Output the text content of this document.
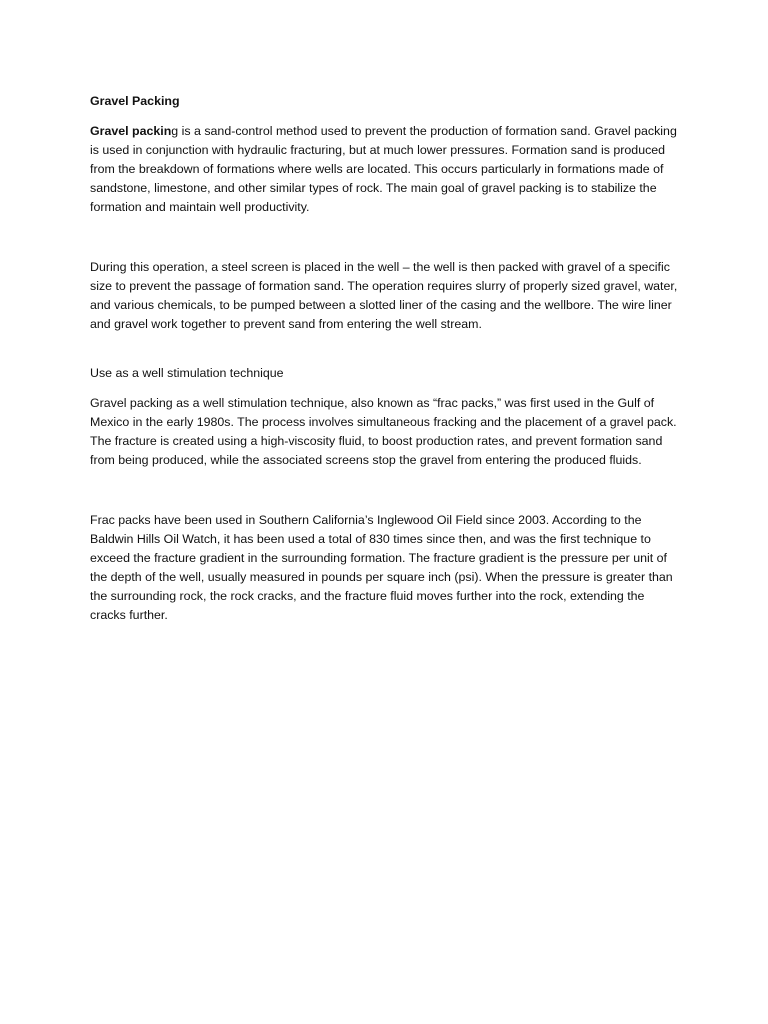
Gravel Packing

Gravel packing is a sand-control method used to prevent the production of formation sand. Gravel packing is used in conjunction with hydraulic fracturing, but at much lower pressures. Formation sand is produced from the breakdown of formations where wells are located. This occurs particularly in formations made of sandstone, limestone, and other similar types of rock. The main goal of gravel packing is to stabilize the formation and maintain well productivity.

During this operation, a steel screen is placed in the well – the well is then packed with gravel of a specific size to prevent the passage of formation sand. The operation requires slurry of properly sized gravel, water, and various chemicals, to be pumped between a slotted liner of the casing and the wellbore. The wire liner and gravel work together to prevent sand from entering the well stream.

Use as a well stimulation technique

Gravel packing as a well stimulation technique, also known as “frac packs,” was first used in the Gulf of Mexico in the early 1980s. The process involves simultaneous fracking and the placement of a gravel pack. The fracture is created using a high-viscosity fluid, to boost production rates, and prevent formation sand from being produced, while the associated screens stop the gravel from entering the produced fluids.

Frac packs have been used in Southern California’s Inglewood Oil Field since 2003. According to the Baldwin Hills Oil Watch, it has been used a total of 830 times since then, and was the first technique to exceed the fracture gradient in the surrounding formation. The fracture gradient is the pressure per unit of the depth of the well, usually measured in pounds per square inch (psi). When the pressure is greater than the surrounding rock, the rock cracks, and the fracture fluid moves further into the rock, extending the cracks further.
